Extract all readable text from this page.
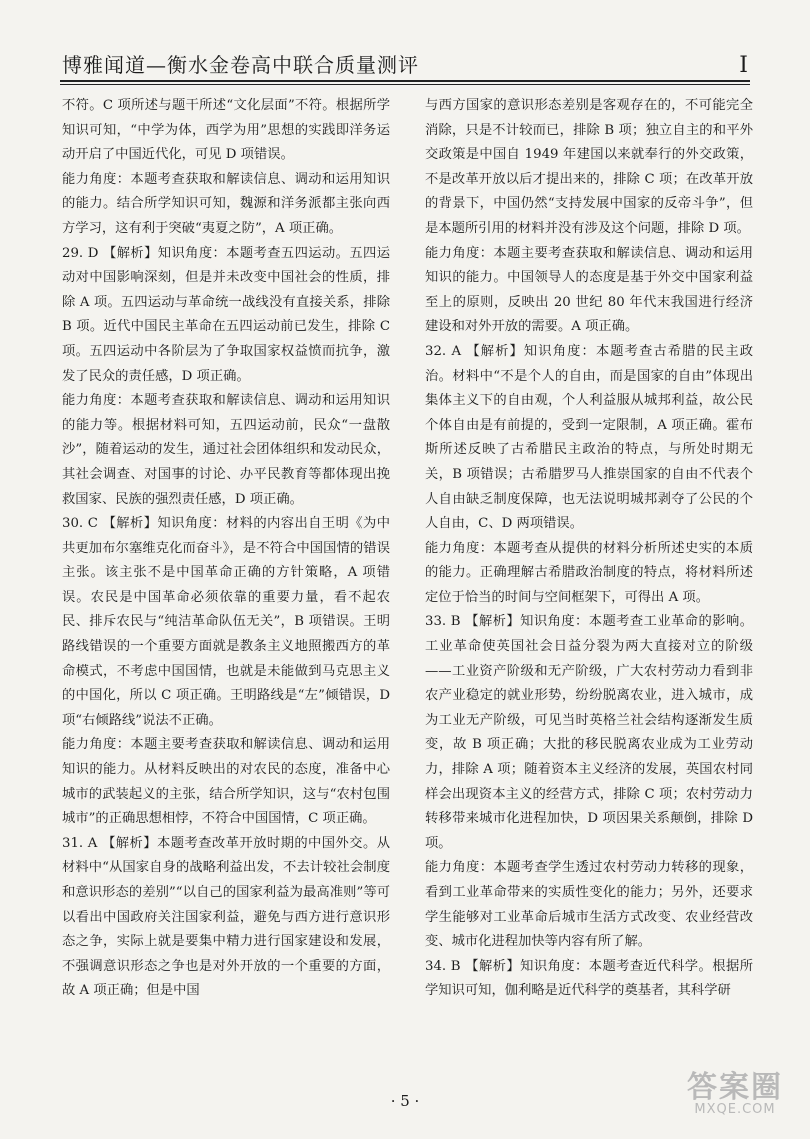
博雅闻道—衡水金卷高中联合质量测评	I

不符。C 项所述与题干所述“文化层面”不符。根据所学知识可知，“中学为体，西学为用”思想的实践即洋务运动开启了中国近代化，可见 D 项错误。

能力角度：本题考查获取和解读信息、调动和运用知识的能力。结合所学知识可知，魏源和洋务派都主张向西方学习，这有利于突破“夷夏之防”，A 项正确。

29. D 【解析】知识角度：本题考查五四运动。五四运动对中国影响深刻，但是并未改变中国社会的性质，排除 A 项。五四运动与革命统一战线没有直接关系，排除 B 项。近代中国民主革命在五四运动前已发生，排除 C 项。五四运动中各阶层为了争取国家权益愤而抗争，激发了民众的责任感，D 项正确。

能力角度：本题考查获取和解读信息、调动和运用知识的能力等。根据材料可知，五四运动前，民众“一盘散沙”，随着运动的发生，通过社会团体组织和发动民众，其社会调查、对国事的讨论、办平民教育等都体现出挽救国家、民族的强烈责任感，D 项正确。

30. C 【解析】知识角度：材料的内容出自王明《为中共更加布尔塞维克化而奋斗》，是不符合中国国情的错误主张。该主张不是中国革命正确的方针策略，A 项错误。农民是中国革命必须依靠的重要力量，看不起农民、排斥农民与“纯洁革命队伍无关”，B 项错误。王明路线错误的一个重要方面就是教条主义地照搬西方的革命模式，不考虑中国国情，也就是未能做到马克思主义的中国化，所以 C 项正确。王明路线是“左”倾错误，D 项“右倾路线”说法不正确。

能力角度：本题主要考查获取和解读信息、调动和运用知识的能力。从材料反映出的对农民的态度，准备中心城市的武装起义的主张，结合所学知识，这与“农村包围城市”的正确思想相悖，不符合中国国情，C 项正确。

31. A 【解析】本题考查改革开放时期的中国外交。从材料中“从国家自身的战略利益出发，不去计较社会制度和意识形态的差别”“以自己的国家利益为最高准则”等可以看出中国政府关注国家利益，避免与西方进行意识形态之争，实际上就是要集中精力进行国家建设和发展，不强调意识形态之争也是对外开放的一个重要的方面，故 A 项正确；但是中国

与西方国家的意识形态差别是客观存在的，不可能完全消除，只是不计较而已，排除 B 项；独立自主的和平外交政策是中国自 1949 年建国以来就奉行的外交政策，不是改革开放以后才提出来的，排除 C 项；在改革开放的背景下，中国仍然“支持发展中国家的反帝斗争”，但是本题所引用的材料并没有涉及这个问题，排除 D 项。

能力角度：本题主要考查获取和解读信息、调动和运用知识的能力。中国领导人的态度是基于外交中国家利益至上的原则，反映出 20 世纪 80 年代末我国进行经济建设和对外开放的需要。A 项正确。

32. A 【解析】知识角度：本题考查古希腊的民主政治。材料中“不是个人的自由，而是国家的自由”体现出集体主义下的自由观，个人利益服从城邦利益，故公民个体自由是有前提的，受到一定限制，A 项正确。霍布斯所述反映了古希腊民主政治的特点，与所处时期无关，B 项错误；古希腊罗马人推崇国家的自由不代表个人自由缺乏制度保障，也无法说明城邦剥夺了公民的个人自由，C、D 两项错误。

能力角度：本题考查从提供的材料分析所述史实的本质的能力。正确理解古希腊政治制度的特点，将材料所述定位于恰当的时间与空间框架下，可得出 A 项。

33. B 【解析】知识角度：本题考查工业革命的影响。工业革命使英国社会日益分裂为两大直接对立的阶级——工业资产阶级和无产阶级，广大农村劳动力看到非农产业稳定的就业形势，纷纷脱离农业，进入城市，成为工业无产阶级，可见当时英格兰社会结构逐渐发生质变，故 B 项正确；大批的移民脱离农业成为工业劳动力，排除 A 项；随着资本主义经济的发展，英国农村同样会出现资本主义的经营方式，排除 C 项；农村劳动力转移带来城市化进程加快，D 项因果关系颠倒，排除 D 项。

能力角度：本题考查学生透过农村劳动力转移的现象，看到工业革命带来的实质性变化的能力；另外，还要求学生能够对工业革命后城市生活方式改变、农业经营改变、城市化进程加快等内容有所了解。

34. B 【解析】知识角度：本题考查近代科学。根据所学知识可知，伽利略是近代科学的奠基者，其科学研

· 5 ·	答案圈
MXQE.COM
